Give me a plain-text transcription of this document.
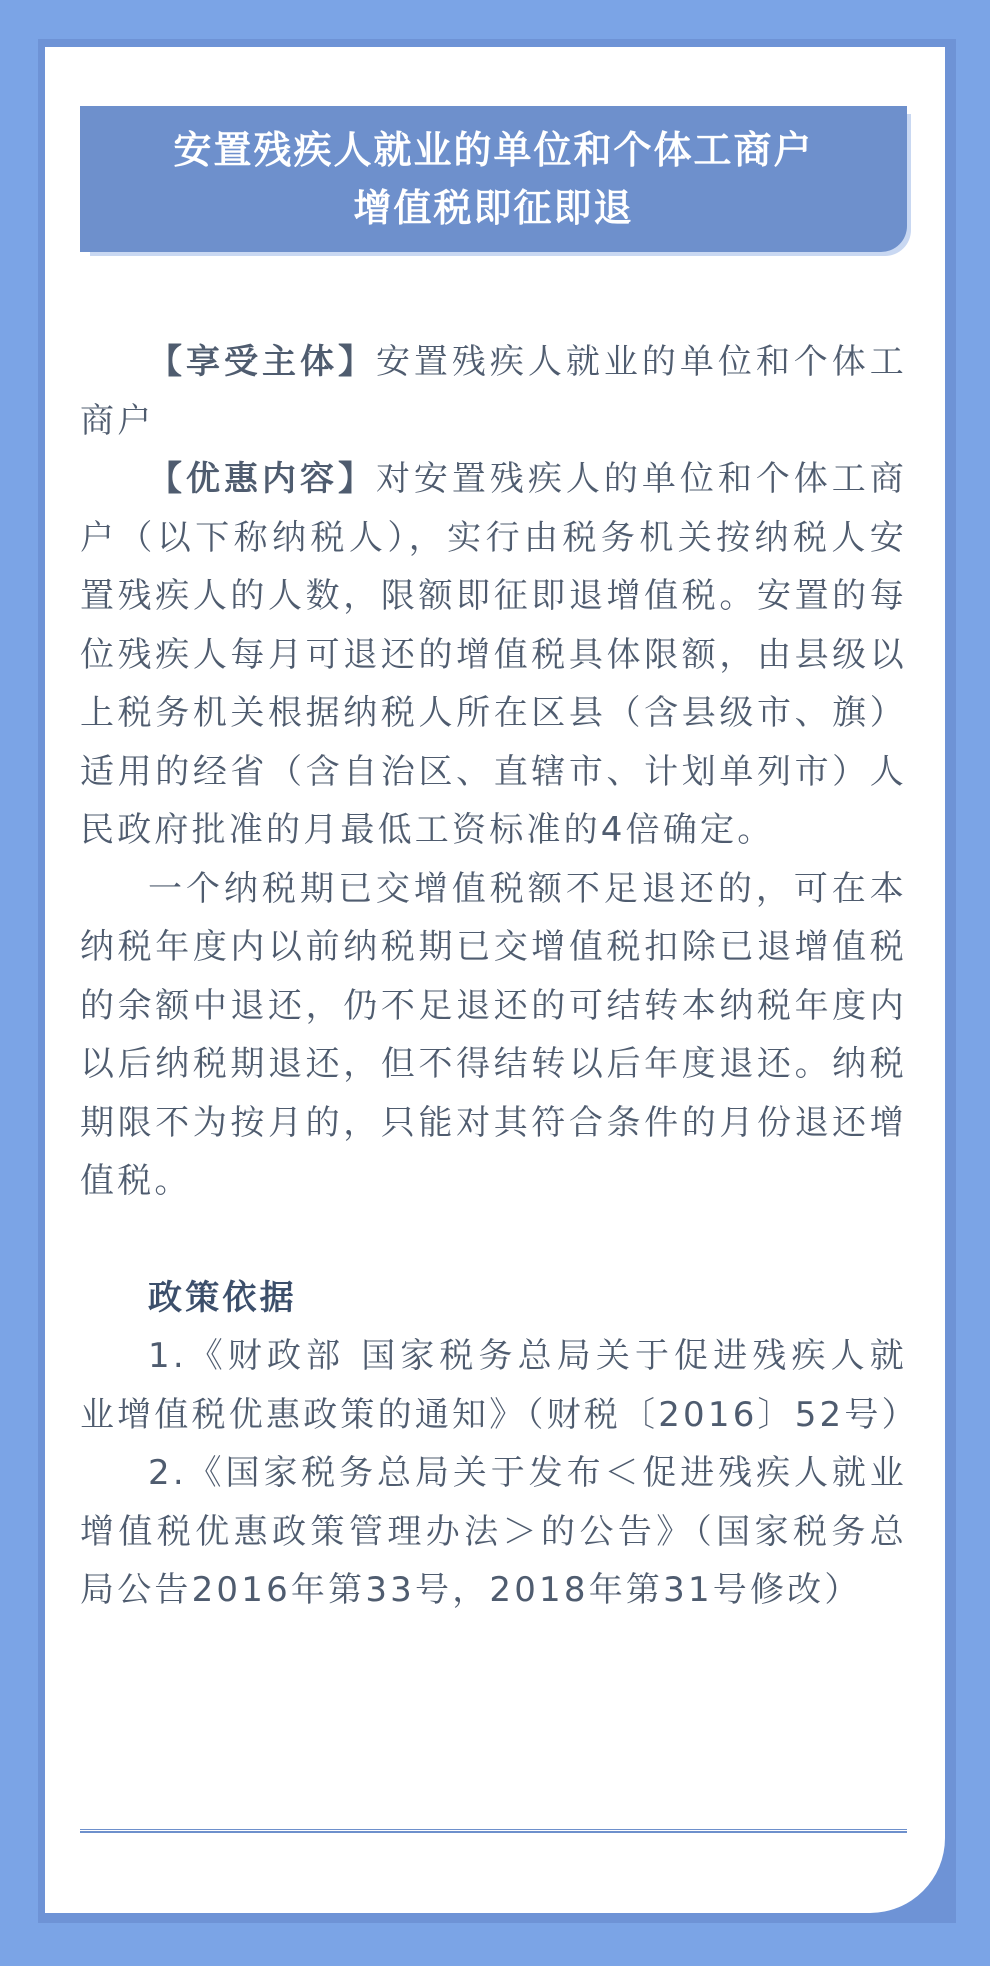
安置残疾人就业的单位和个体工商户
增值税即征即退

【享受主体】安置残疾人就业的单位和个体工商户

【优惠内容】对安置残疾人的单位和个体工商户（以下称纳税人），实行由税务机关按纳税人安置残疾人的人数，限额即征即退增值税。安置的每位残疾人每月可退还的增值税具体限额，由县级以上税务机关根据纳税人所在区县（含县级市、旗）适用的经省（含自治区、直辖市、计划单列市）人民政府批准的月最低工资标准的4倍确定。

一个纳税期已交增值税额不足退还的，可在本纳税年度内以前纳税期已交增值税扣除已退增值税的余额中退还，仍不足退还的可结转本纳税年度内以后纳税期退还，但不得结转以后年度退还。纳税期限不为按月的，只能对其符合条件的月份退还增值税。

政策依据

1.《财政部 国家税务总局关于促进残疾人就业增值税优惠政策的通知》（财税〔2016〕52号）

2.《国家税务总局关于发布＜促进残疾人就业增值税优惠政策管理办法＞的公告》（国家税务总局公告2016年第33号，2018年第31号修改）
